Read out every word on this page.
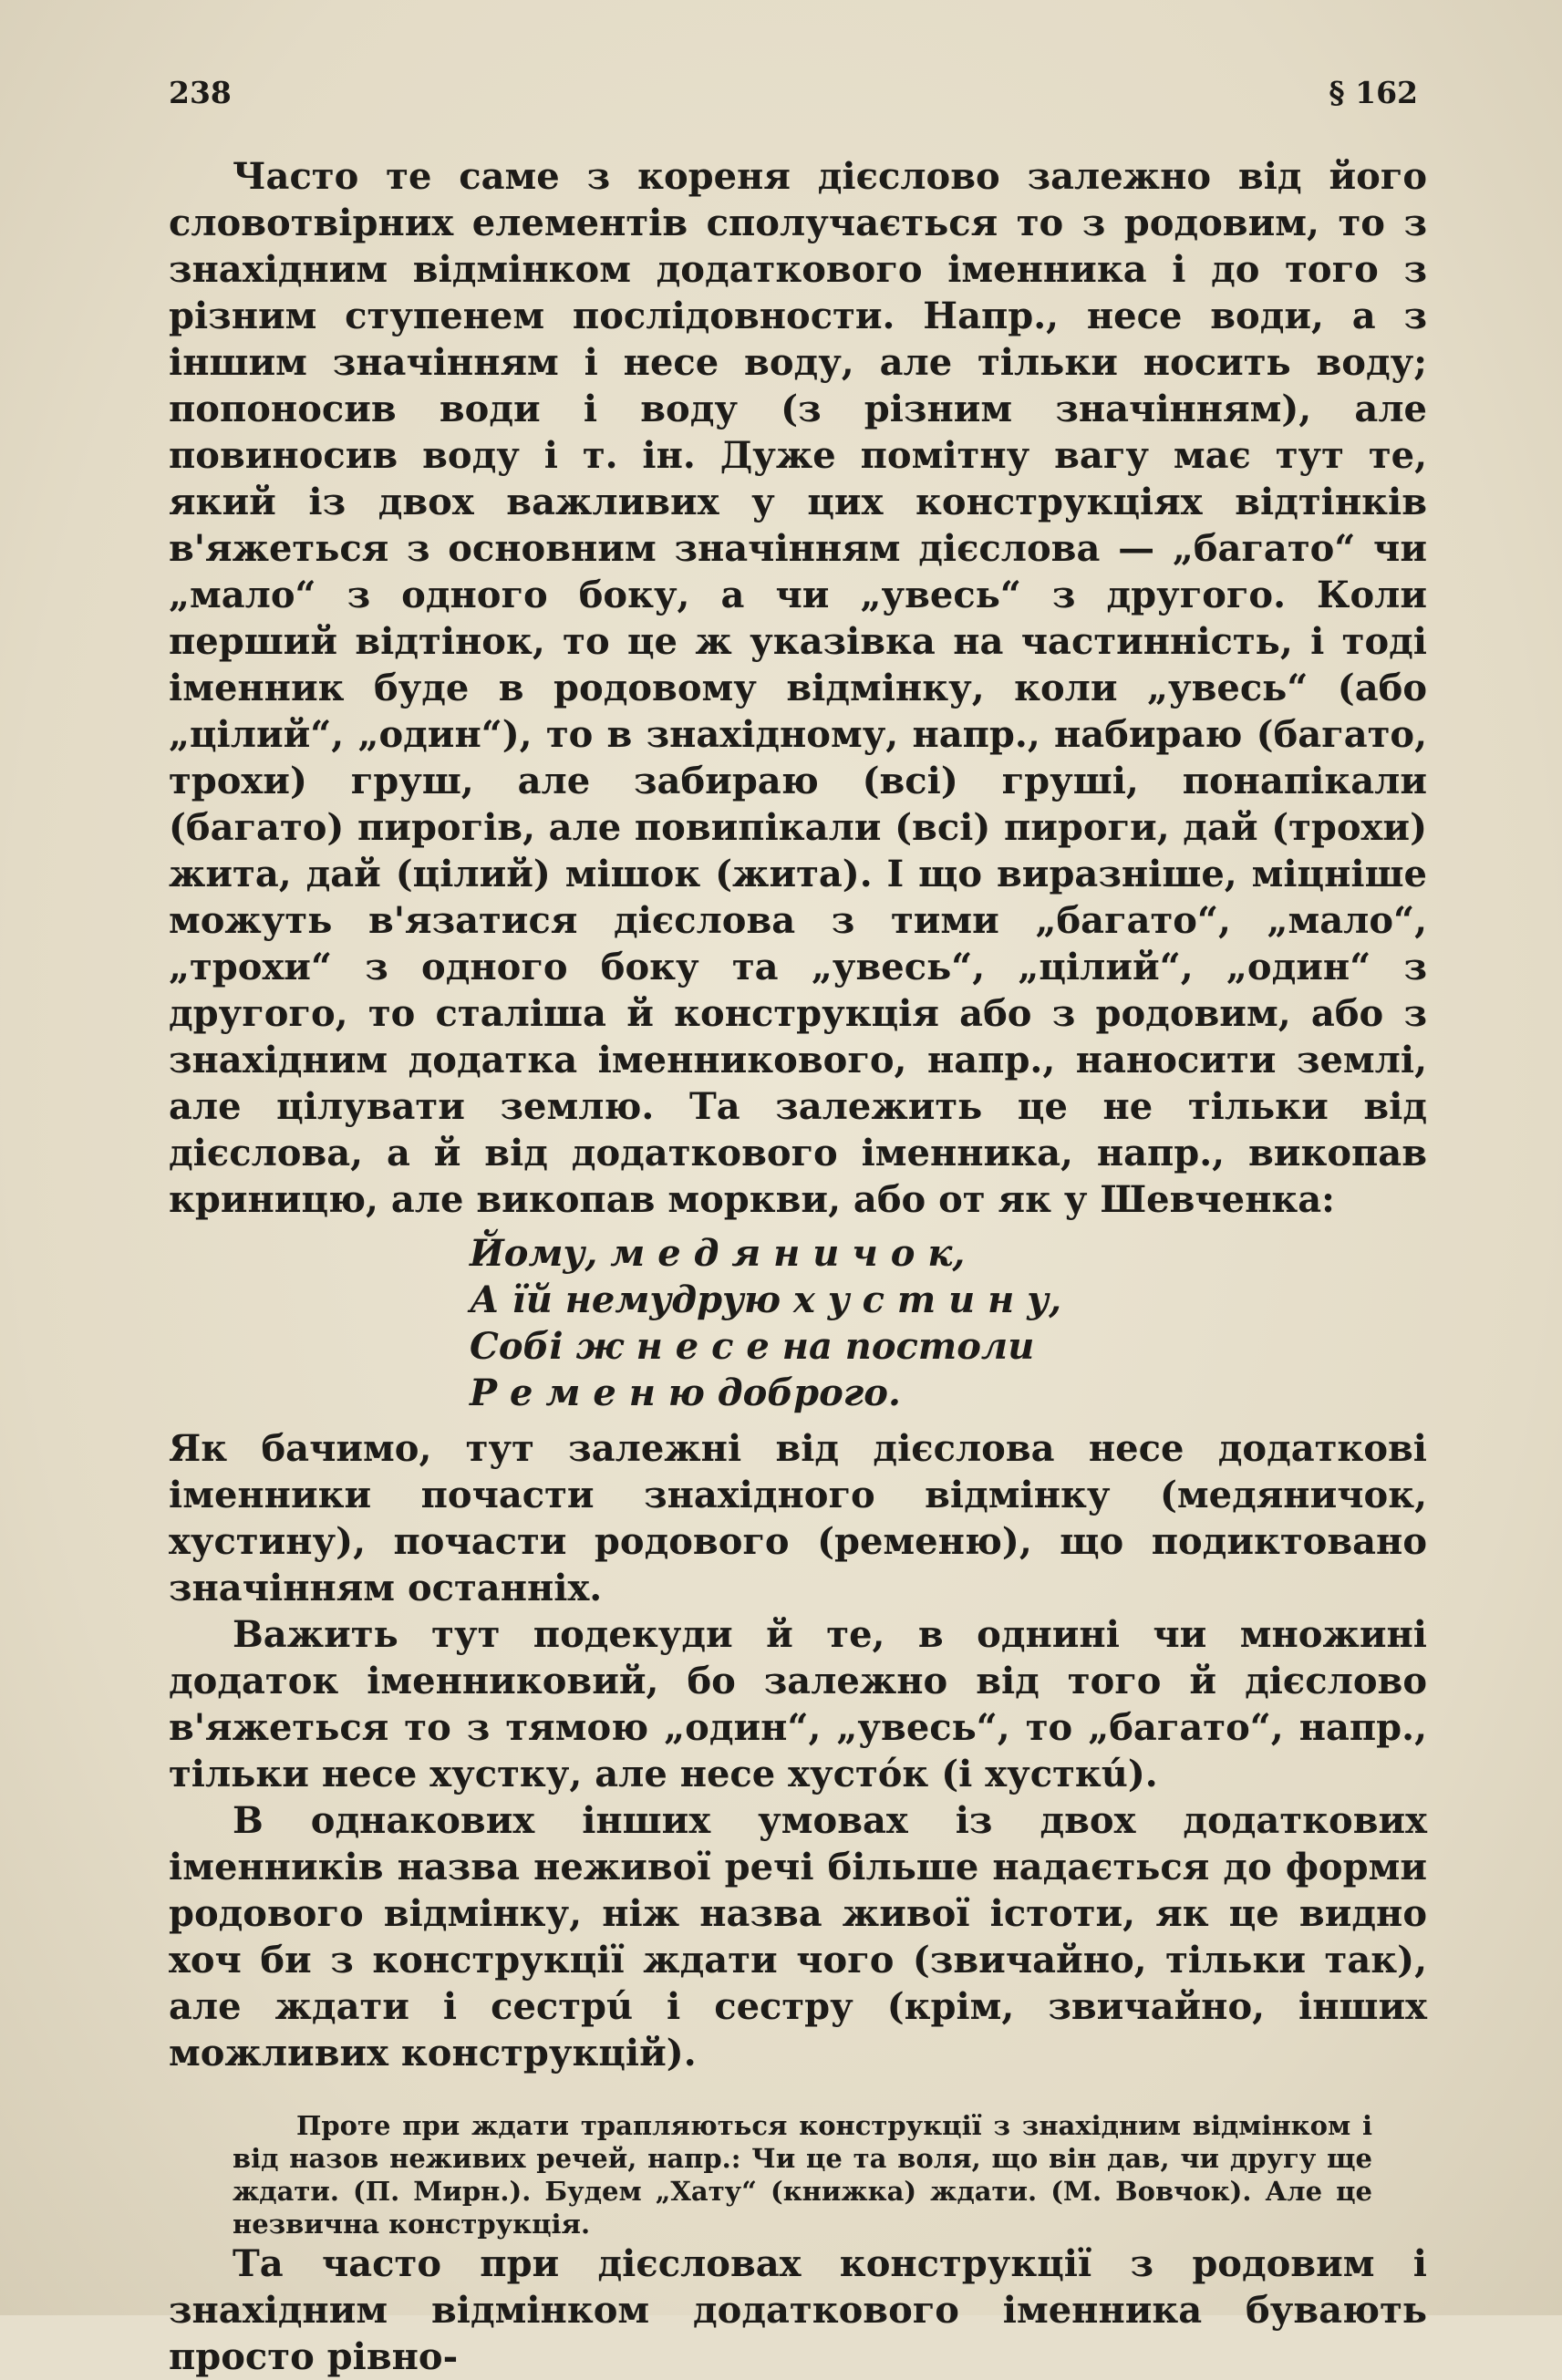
238	§ 162

Часто те саме з кореня дієслово залежно від його словотвірних елементів сполучається то з родовим, то з знахідним відмінком додаткового іменника і до того з різним ступенем послідовности. Напр., несе води, а з іншим значінням і несе воду, але тільки носить воду; попоносив води і воду (з різним значінням), але повиносив воду і т. ін. Дуже помітну вагу має тут те, який із двох важливих у цих конструкціях відтінків в'яжеться з основним значінням дієслова — „багато“ чи „мало“ з одного боку, а чи „увесь“ з другого. Коли перший відтінок, то це ж указівка на частинність, і тоді іменник буде в родовому відмінку, коли „увесь“ (або „цілий“, „один“), то в знахідному, напр., набираю (багато, трохи) груш, але забираю (всі) груші, понапікали (багато) пирогів, але повипікали (всі) пироги, дай (трохи) жита, дай (цілий) мішок (жита). І що виразніше, міцніше можуть в'язатися дієслова з тими „багато“, „мало“, „трохи“ з одного боку та „увесь“, „цілий“, „один“ з другого, то сталіша й конструкція або з родовим, або з знахідним додатка іменникового, напр., наносити землі, але цілувати землю. Та залежить це не тільки від дієслова, а й від додаткового іменника, напр., викопав криницю, але викопав моркви, або от як у Шевченка:

Йому, м е д я н и ч о к,
А їй немудрую х у с т и н у,
Собі ж н е с е на постоли
Р е м е н ю доброго.

Як бачимо, тут залежні від дієслова несе додаткові іменники почасти знахідного відмінку (медяничок, хустину), почасти родового (ременю), що подиктовано значінням останніх.

Важить тут подекуди й те, в однині чи множині додаток іменниковий, бо залежно від того й дієслово в'яжеться то з тямою „один“, „увесь“, то „багато“, напр., тільки несе хустку, але несе хусто́к (і хусткú).

В однакових інших умовах із двох додаткових іменників назва неживої речі більше надається до форми родового відмінку, ніж назва живої істоти, як це видно хоч би з конструкції ждати чого (звичайно, тільки так), але ждати і сестрú і сестру (крім, звичайно, інших можливих конструкцій).

Проте при ждати трапляються конструкції з знахідним відмінком і від назов неживих речей, напр.: Чи це та воля, що він дав, чи другу ще ждати. (П. Мирн.). Будем „Хату“ (книжка) ждати. (М. Вовчок). Але це незвична конструкція.

Та часто при дієсловах конструкції з родовим і знахідним відмінком додаткового іменника бувають просто рівно-
